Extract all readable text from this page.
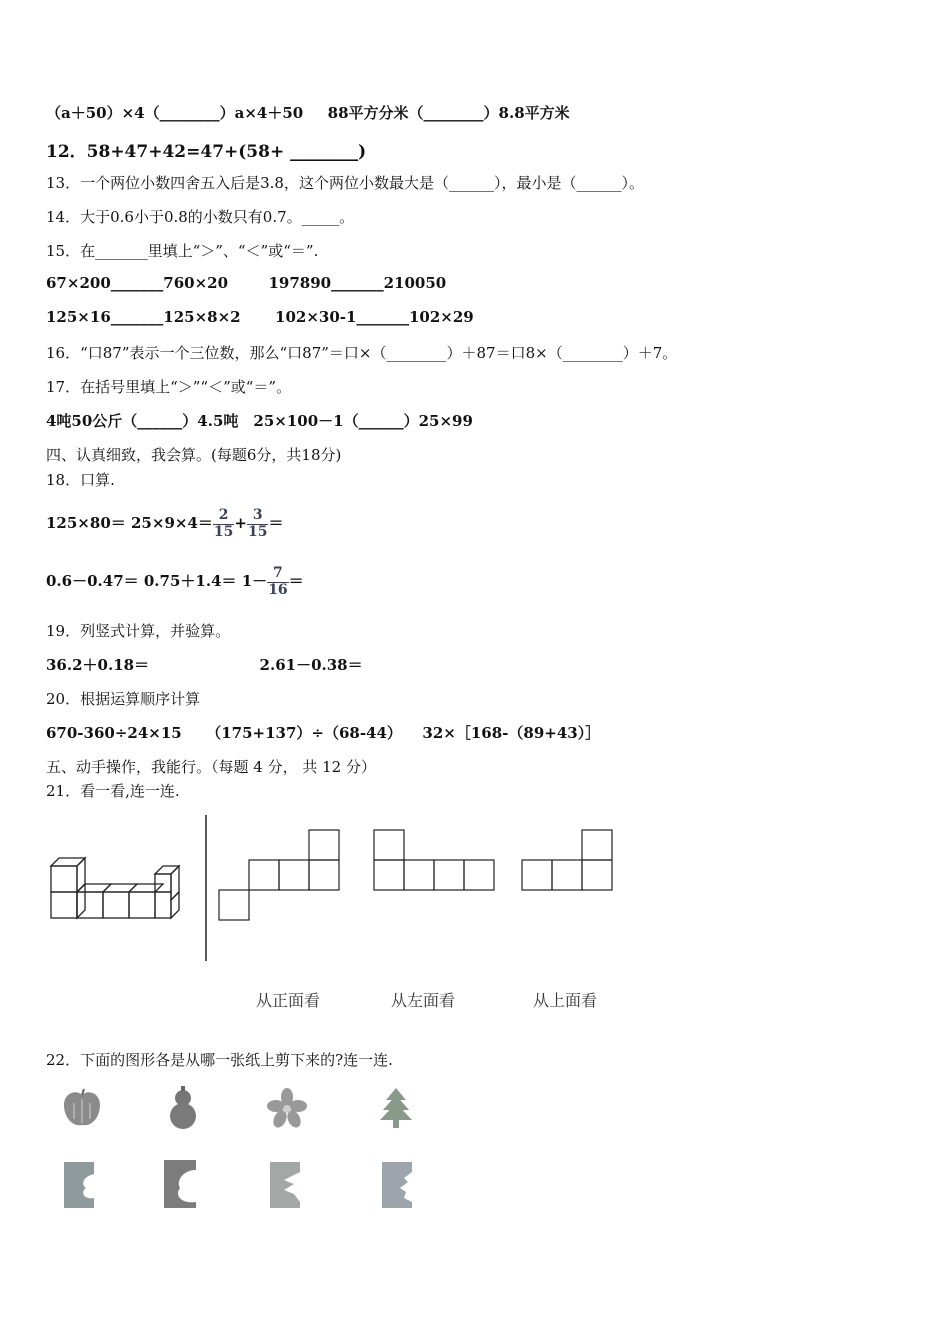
（a＋50）×4（________）a×4＋50 88平方分米（________）8.8平方米
12．58+47+42=47+(58+ ________)
13．一个两位小数四舍五入后是3.8，这个两位小数最大是（______），最小是（______）。
14．大于0.6小于0.8的小数只有0.7。_____。
15．在_______里填上“＞”、“＜”或“＝”.
67×200_______760×20	197890_______210050
125×16_______125×8×2 102×30-1_______102×29
16．“口87”表示一个三位数，那么“口87”＝口×（________）＋87＝口8×（________）＋7。
17．在括号里填上“＞”“＜”或“＝”。
4吨50公斤（______）4.5吨　25×100－1（______）25×99
四、认真细致，我会算。(每题6分，共18分)
18．口算.
$125\times 80= 25\times 9\times 4= \frac{2}{15} + \frac{3}{15}$ ＝
$0.6-0.47= 0.75+1.4= 1- \frac{7}{16}$ ＝
19．列竖式计算，并验算。
36.2＋0.18＝	2.61－0.38＝
20．根据运算顺序计算
670-360÷24×15 （175+137）÷（68-44） 32×［168-（89+43）］
五、动手操作，我能行。（每题 4 分， 共 12 分）
21．看一看,连一连.
从正面看	从左面看	从上面看
22．下面的图形各是从哪一张纸上剪下来的?连一连.
